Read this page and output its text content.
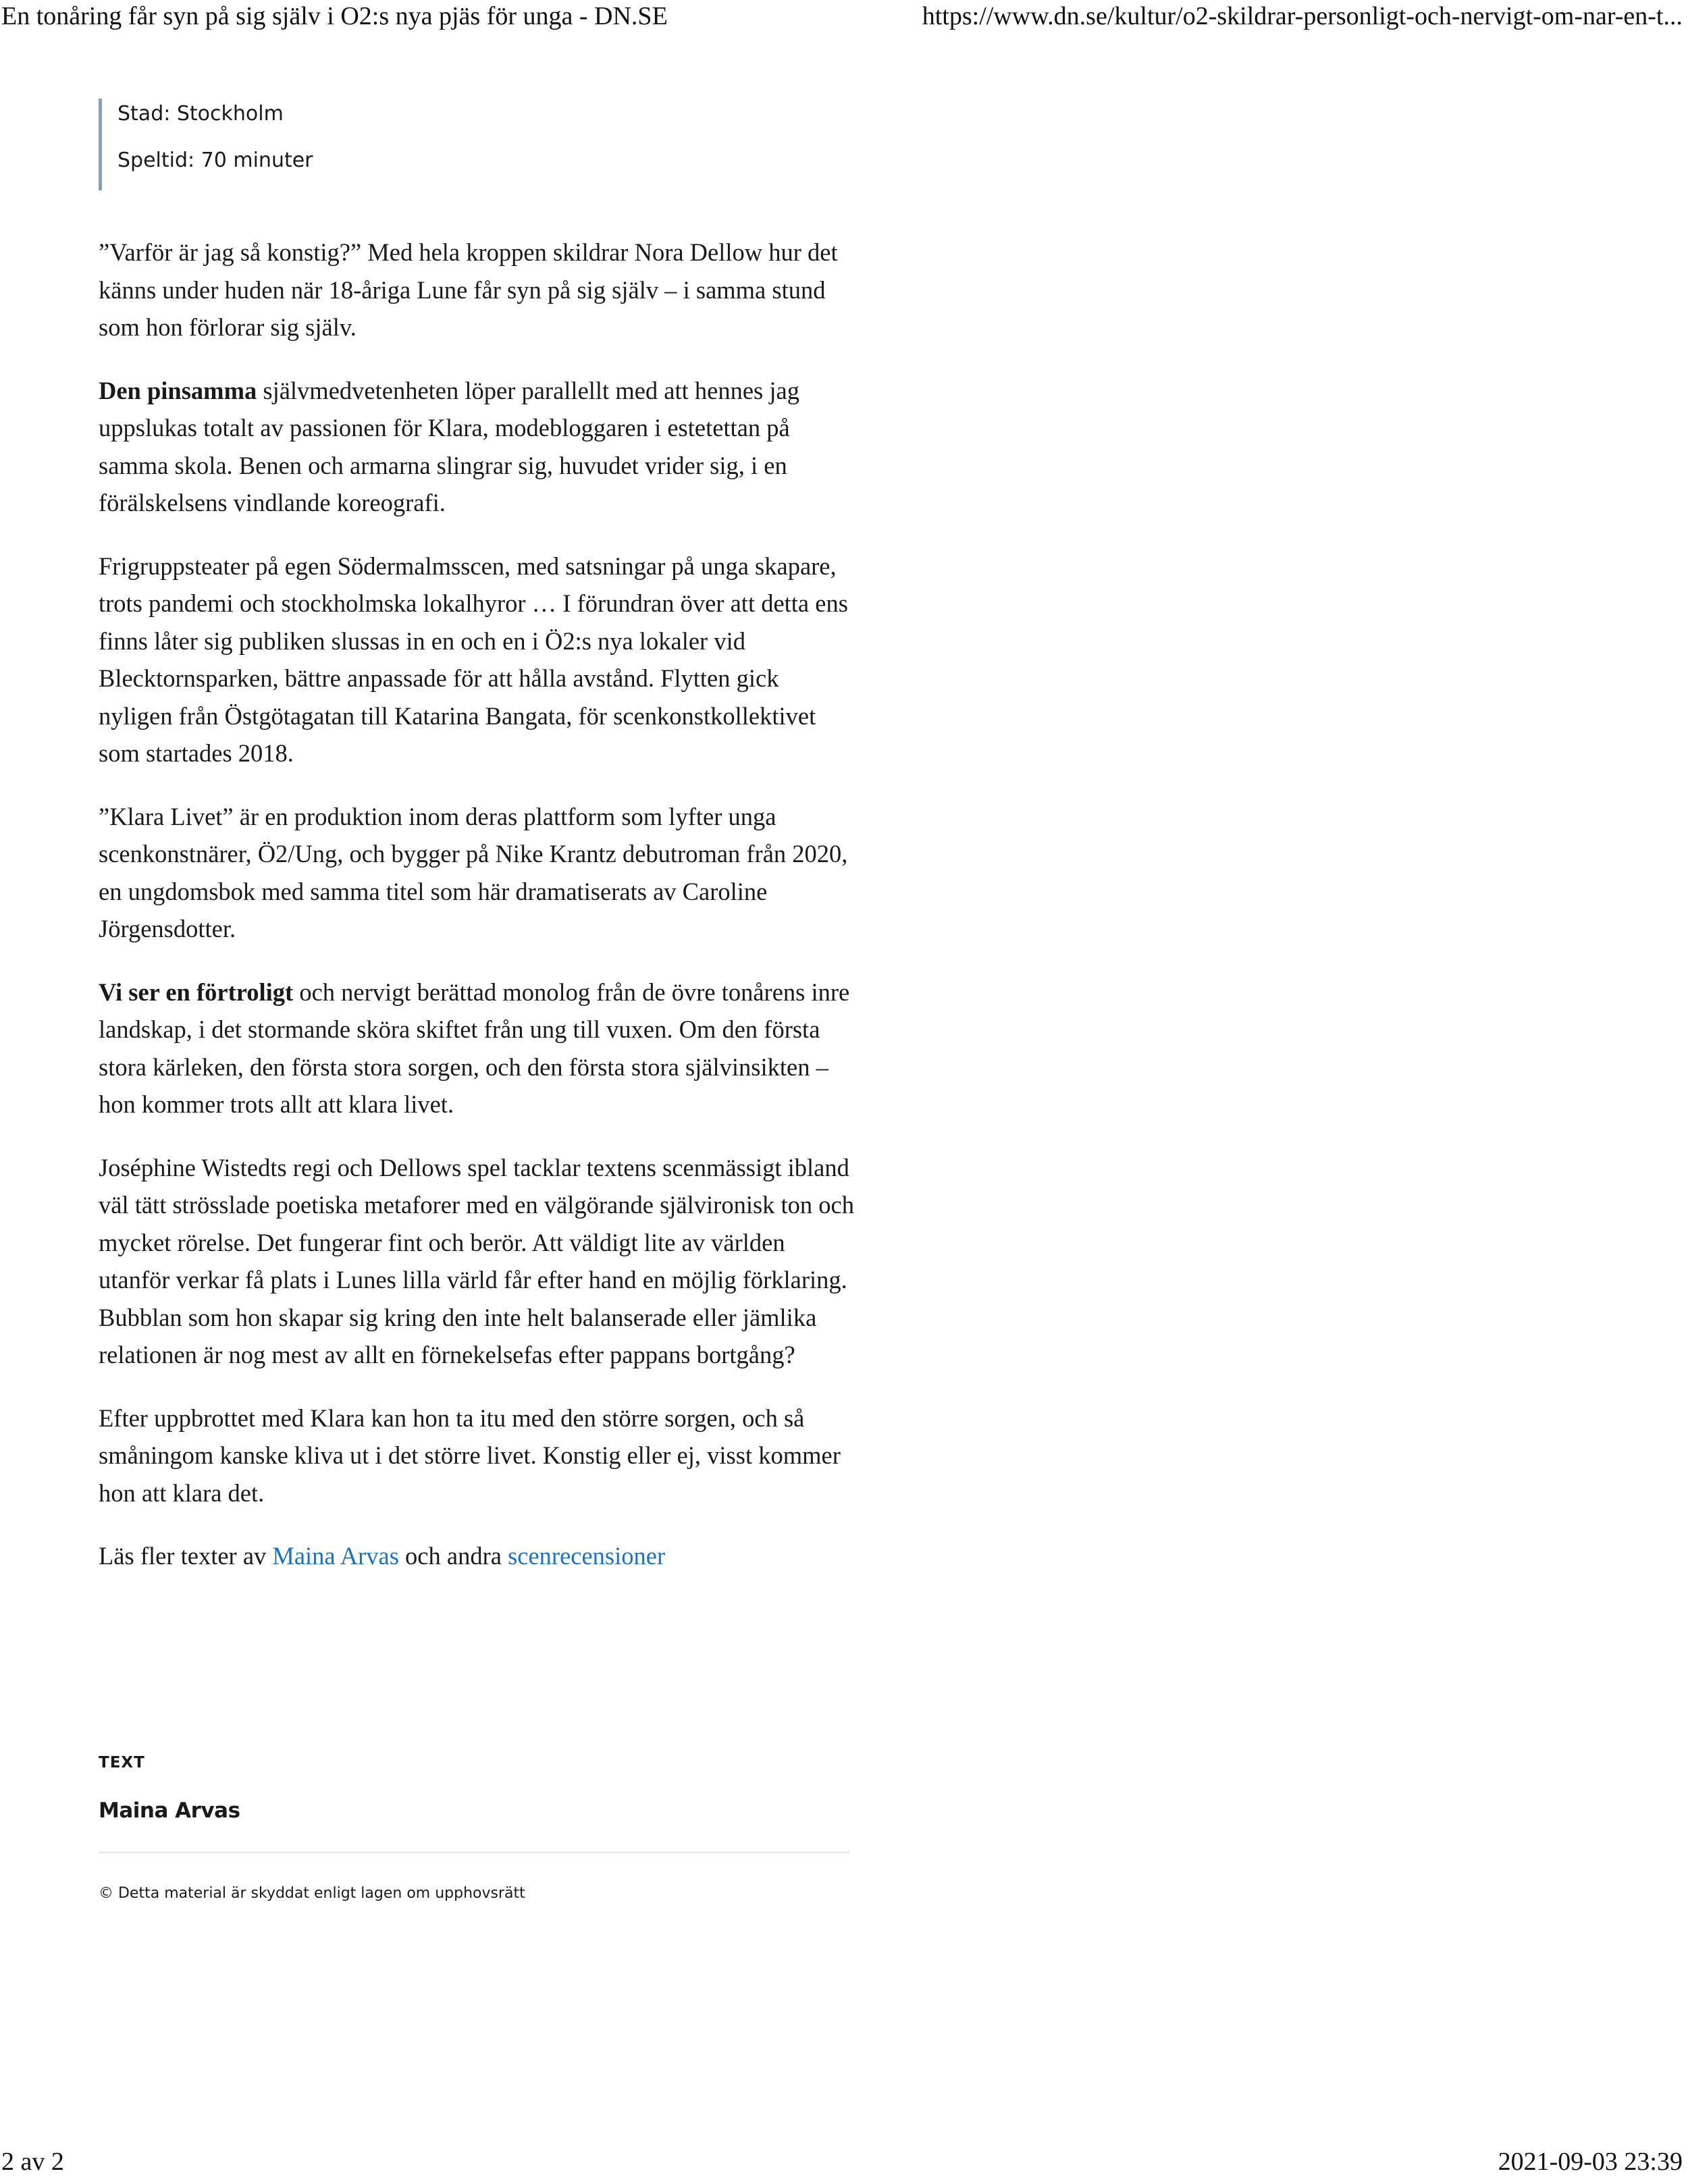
En tonåring får syn på sig själv i O2:s nya pjäs för unga - DN.SE	https://www.dn.se/kultur/o2-skildrar-personligt-och-nervigt-om-nar-en-t...
Stad: Stockholm
Speltid: 70 minuter

”Varför är jag så konstig?” Med hela kroppen skildrar Nora Dellow hur det känns under huden när 18-åriga Lune får syn på sig själv – i samma stund som hon förlorar sig själv.

Den pinsamma självmedvetenheten löper parallellt med att hennes jag uppslukas totalt av passionen för Klara, modebloggaren i estetettan på samma skola. Benen och armarna slingrar sig, huvudet vrider sig, i en förälskelsens vindlande koreografi.

Frigruppsteater på egen Södermalmsscen, med satsningar på unga skapare, trots pandemi och stockholmska lokalhyror … I förundran över att detta ens finns låter sig publiken slussas in en och en i Ö2:s nya lokaler vid Blecktornsparken, bättre anpassade för att hålla avstånd. Flytten gick nyligen från Östgötagatan till Katarina Bangata, för scenkonstkollektivet som startades 2018.

”Klara Livet” är en produktion inom deras plattform som lyfter unga scenkonstnärer, Ö2/Ung, och bygger på Nike Krantz debutroman från 2020, en ungdomsbok med samma titel som här dramatiserats av Caroline Jörgensdotter.

Vi ser en förtroligt och nervigt berättad monolog från de övre tonårens inre landskap, i det stormande sköra skiftet från ung till vuxen. Om den första stora kärleken, den första stora sorgen, och den första stora självinsikten – hon kommer trots allt att klara livet.

Joséphine Wistedts regi och Dellows spel tacklar textens scenmässigt ibland väl tätt strösslade poetiska metaforer med en välgörande självironisk ton och mycket rörelse. Det fungerar fint och berör. Att väldigt lite av världen utanför verkar få plats i Lunes lilla värld får efter hand en möjlig förklaring. Bubblan som hon skapar sig kring den inte helt balanserade eller jämlika relationen är nog mest av allt en förnekelsefas efter pappans bortgång?

Efter uppbrottet med Klara kan hon ta itu med den större sorgen, och så småningom kanske kliva ut i det större livet. Konstig eller ej, visst kommer hon att klara det.

Läs fler texter av Maina Arvas och andra scenrecensioner

TEXT
Maina Arvas
© Detta material är skyddat enligt lagen om upphovsrätt
2 av 2	2021-09-03 23:39
